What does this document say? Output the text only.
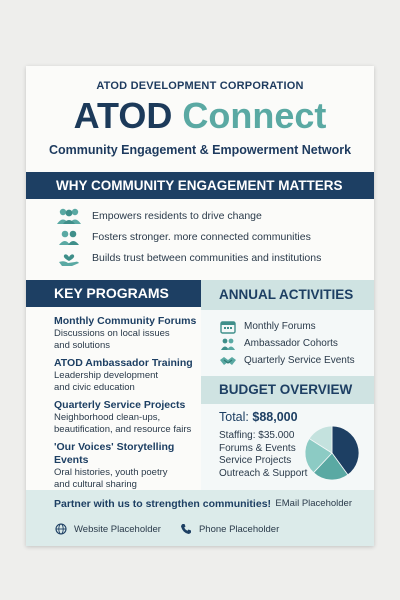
ATOD DEVELOPMENT CORPORATION
ATOD Connect
Community Engagement & Empowerment Network
WHY COMMUNITY ENGAGEMENT MATTERS
Empowers residents to drive change
Fosters stronger. more connected communities
Builds trust between communities and institutions
KEY PROGRAMS
Monthly Community Forums
Discussions on local issues
and solutions
ATOD Ambassador Training
Leadership development
and civic education
Quarterly Service Projects
Neighborhood clean-ups,
beautification, and resource fairs
'Our Voices' Storytelling Events
Oral histories, youth poetry
and cultural sharing
ANNUAL ACTIVITIES
Monthly Forums
Ambassador Cohorts
Quarterly Service Events
BUDGET OVERVIEW
Total: $88,000
Staffing: $35.000
Forums & Events
Service Projects
Outreach & Support
Partner with us to strengthen communities! EMail Placeholder
Website Placeholder	Phone Placeholder
